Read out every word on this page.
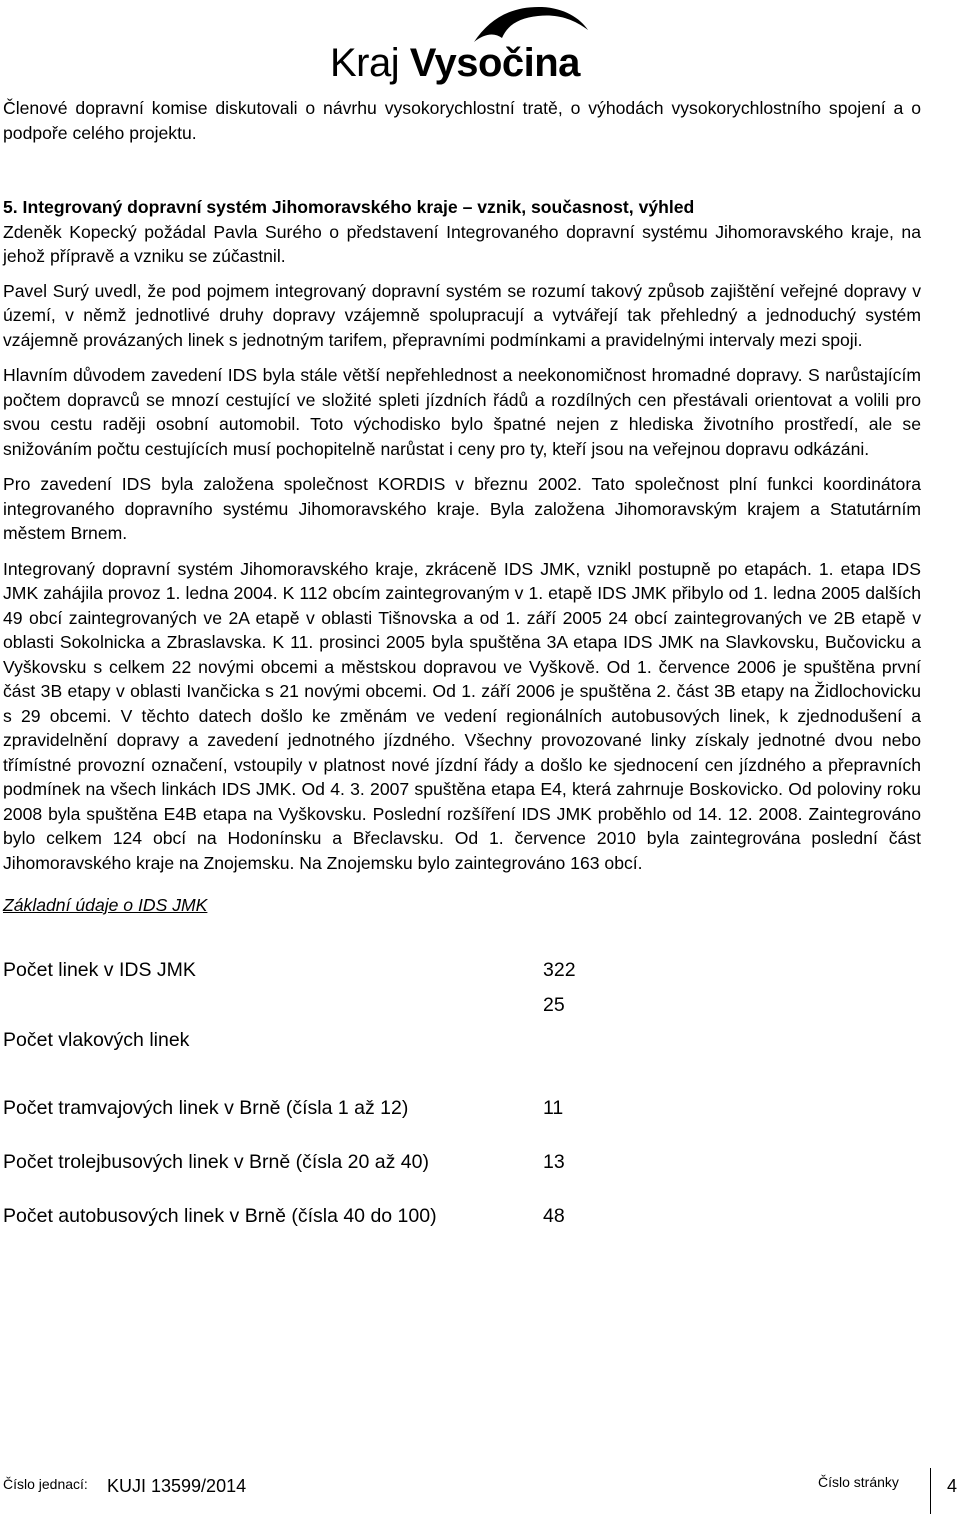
Kraj Vysočina

Členové dopravní komise diskutovali o návrhu vysokorychlostní tratě, o výhodách vysokorychlostního spojení a o podpoře celého projektu.

5. Integrovaný dopravní systém Jihomoravského kraje – vznik, současnost, výhled

Zdeněk Kopecký požádal Pavla Surého o představení Integrovaného dopravní systému Jihomoravského kraje, na jehož přípravě a vzniku se zúčastnil.

Pavel Surý uvedl, že pod pojmem integrovaný dopravní systém se rozumí takový způsob zajištění veřejné dopravy v území, v němž jednotlivé druhy dopravy vzájemně spolupracují a vytvářejí tak přehledný a jednoduchý systém vzájemně provázaných linek s jednotným tarifem, přepravními podmínkami a pravidelnými intervaly mezi spoji.

Hlavním důvodem zavedení IDS byla stále větší nepřehlednost a neekonomičnost hromadné dopravy. S narůstajícím počtem dopravců se mnozí cestující ve složité spleti jízdních řádů a rozdílných cen přestávali orientovat a volili pro svou cestu raději osobní automobil. Toto východisko bylo špatné nejen z hlediska životního prostředí, ale se snižováním počtu cestujících musí pochopitelně narůstat i ceny pro ty, kteří jsou na veřejnou dopravu odkázáni.

Pro zavedení IDS byla založena společnost KORDIS v březnu 2002. Tato společnost plní funkci koordinátora integrovaného dopravního systému Jihomoravského kraje. Byla založena Jihomoravským krajem a Statutárním městem Brnem.

Integrovaný dopravní systém Jihomoravského kraje, zkráceně IDS JMK, vznikl postupně po etapách. 1. etapa IDS JMK zahájila provoz 1. ledna 2004. K 112 obcím zaintegrovaným v 1. etapě IDS JMK přibylo od 1. ledna 2005 dalších 49 obcí zaintegrovaných ve 2A etapě v oblasti Tišnovska a od 1. září 2005 24 obcí zaintegrovaných ve 2B etapě v oblasti Sokolnicka a Zbraslavska. K 11. prosinci 2005 byla spuštěna 3A etapa IDS JMK na Slavkovsku, Bučovicku a Vyškovsku s celkem 22 novými obcemi a městskou dopravou ve Vyškově. Od 1. července 2006 je spuštěna první část 3B etapy v oblasti Ivančicka s 21 novými obcemi. Od 1. září 2006 je spuštěna 2. část 3B etapy na Židlochovicku s 29 obcemi. V těchto datech došlo ke změnám ve vedení regionálních autobusových linek, k zjednodušení a zpravidelnění dopravy a zavedení jednotného jízdného. Všechny provozované linky získaly jednotné dvou nebo třímístné provozní označení, vstoupily v platnost nové jízdní řády a došlo ke sjednocení cen jízdného a přepravních podmínek na všech linkách IDS JMK. Od 4. 3. 2007 spuštěna etapa E4, která zahrnuje Boskovicko. Od poloviny roku 2008 byla spuštěna E4B etapa na Vyškovsku. Poslední rozšíření IDS JMK proběhlo od 14. 12. 2008. Zaintegrováno bylo celkem 124 obcí na Hodonínsku a Břeclavsku. Od 1. července 2010 byla zaintegrována poslední část Jihomoravského kraje na Znojemsku. Na Znojemsku bylo zaintegrováno 163 obcí.

Základní údaje o IDS JMK

Počet linek v IDS JMK	322
Počet vlakových linek	25
Počet tramvajových linek v Brně (čísla 1 až 12)	11
Počet trolejbusových linek v Brně (čísla 20 až 40)	13
Počet autobusových linek v Brně (čísla 40 do 100)	48
Číslo jednací: KUJI 13599/2014	Číslo stránky	4
